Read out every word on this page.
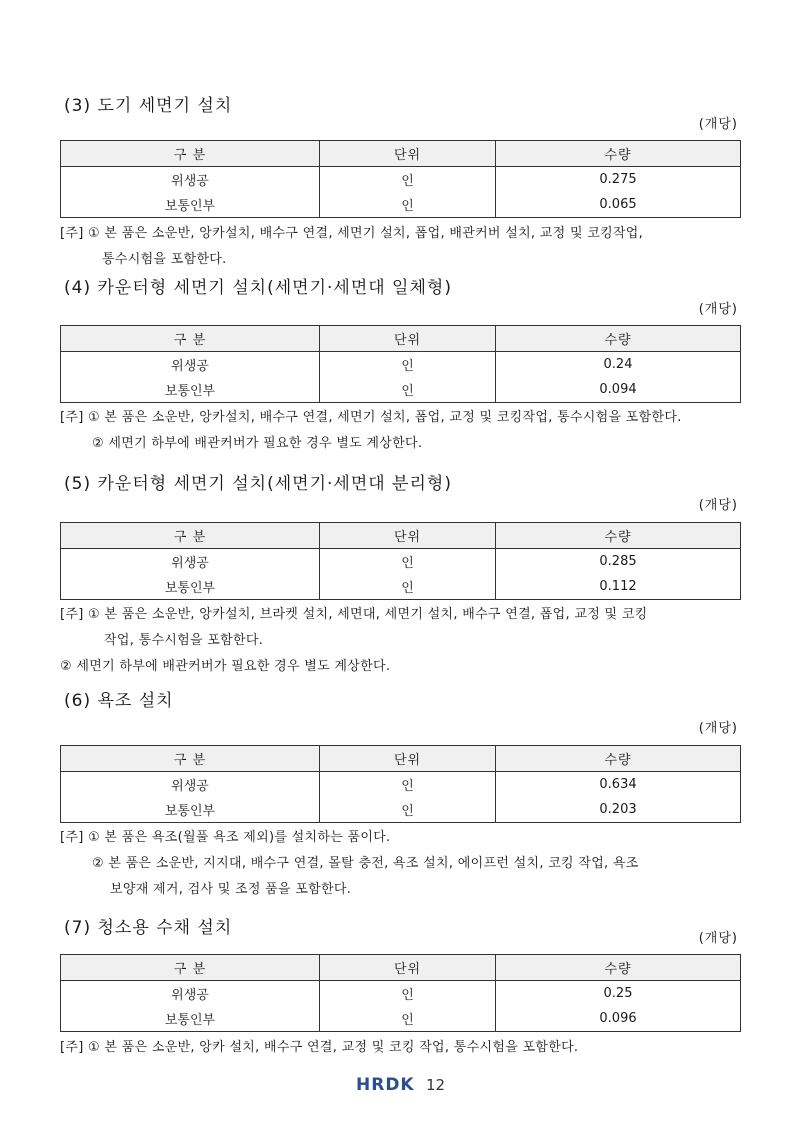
(3) 도기 세면기 설치
(개당)
구 분	단위	수량
위생공	인	0.275
보통인부	인	0.065
[주] ① 본 품은 소운반, 앙카설치, 배수구 연결, 세면기 설치, 폽업, 배관커버 설치, 교정 및 코킹작업,
통수시험을 포함한다.
(4) 카운터형 세면기 설치(세면기·세면대 일체형)
(개당)
구 분	단위	수량
위생공	인	0.24
보통인부	인	0.094
[주] ① 본 품은 소운반, 앙카설치, 배수구 연결, 세면기 설치, 폽업, 교정 및 코킹작업, 통수시험을 포함한다.
② 세면기 하부에 배관커버가 필요한 경우 별도 계상한다.
(5) 카운터형 세면기 설치(세면기·세면대 분리형)
(개당)
구 분	단위	수량
위생공	인	0.285
보통인부	인	0.112
[주] ① 본 품은 소운반, 앙카설치, 브라켓 설치, 세면대, 세면기 설치, 배수구 연결, 폽업, 교정 및 코킹
작업, 통수시험을 포함한다.
② 세면기 하부에 배관커버가 필요한 경우 별도 계상한다.
(6) 욕조 설치
(개당)
구 분	단위	수량
위생공	인	0.634
보통인부	인	0.203
[주] ① 본 품은 욕조(월풀 욕조 제외)를 설치하는 품이다.
② 본 품은 소운반, 지지대, 배수구 연결, 몰탈 충전, 욕조 설치, 에이프런 설치, 코킹 작업, 욕조
보양재 제거, 검사 및 조정 품을 포함한다.
(7) 청소용 수채 설치
(개당)
구 분	단위	수량
위생공	인	0.25
보통인부	인	0.096
[주] ① 본 품은 소운반, 앙카 설치, 배수구 연결, 교정 및 코킹 작업, 통수시험을 포함한다.
HRDK 12
